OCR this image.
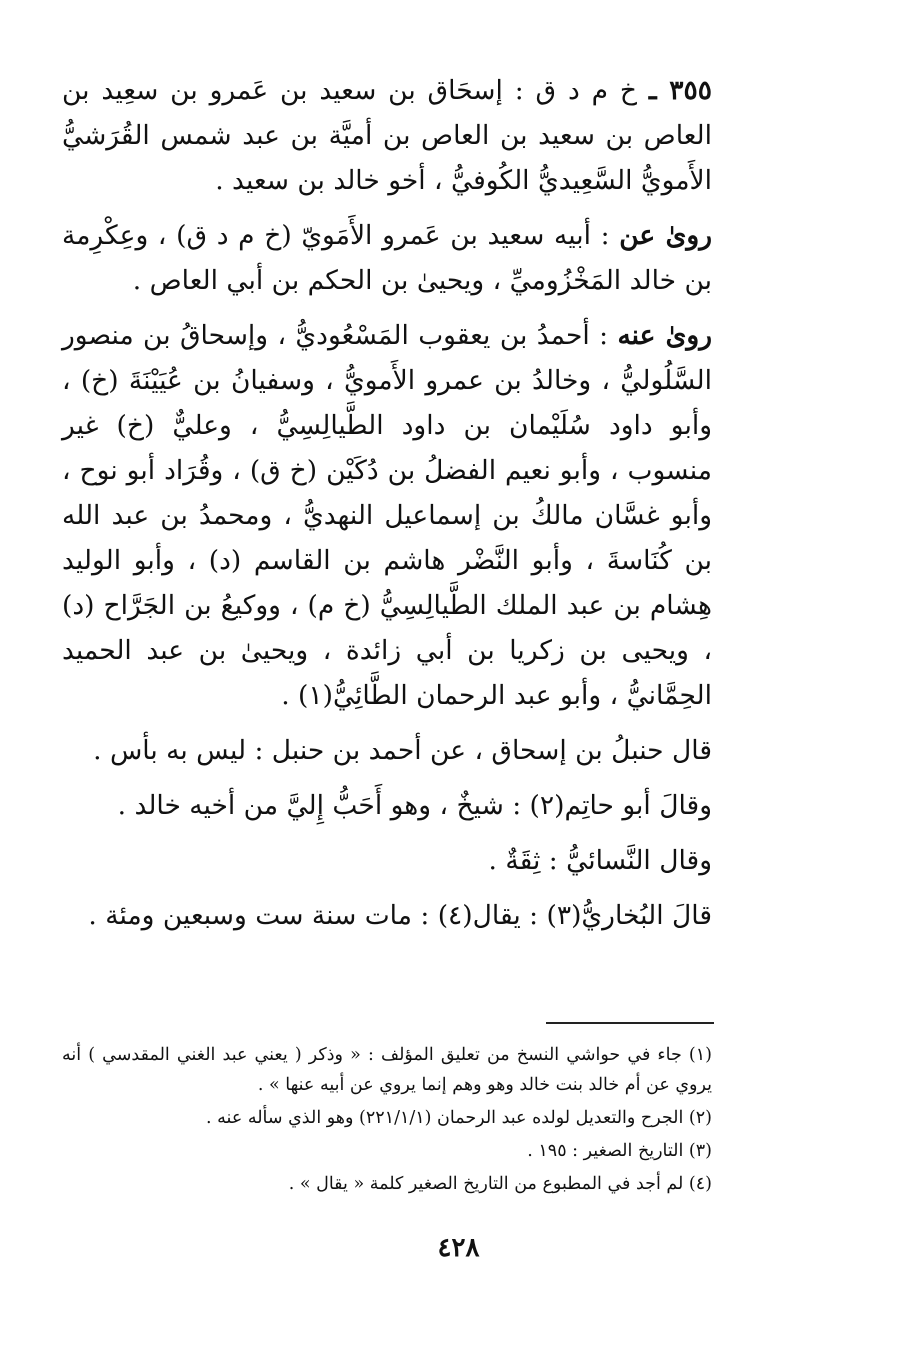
٣٥٥ ـ خ م د ق : إسحَاق بن سعيد بن عَمرو بن سعِيد بن العاص بن سعيد بن العاص بن أميَّة بن عبد شمس القُرَشيُّ الأَمويُّ السَّعِيديُّ الكُوفيُّ ، أخو خالد بن سعيد .

روىٰ عن : أبيه سعيد بن عَمرو الأَمَويّ (خ م د ق) ، وعِكْرِمة بن خالد المَخْزُوميِّ ، ويحيىٰ بن الحكم بن أبي العاص .

روىٰ عنه : أحمدُ بن يعقوب المَسْعُوديُّ ، وإسحاقُ بن منصور السَّلُوليُّ ، وخالدُ بن عمرو الأَمويُّ ، وسفيانُ بن عُيَيْنَةَ (خ) ، وأبو داود سُلَيْمان بن داود الطَّيالِسِيُّ ، وعليٌّ (خ) غير منسوب ، وأبو نعيم الفضلُ بن دُكَيْن (خ ق) ، وقُرَاد أبو نوح ، وأبو غسَّان مالكُ بن إسماعيل النهديُّ ، ومحمدُ بن عبد الله بن كُنَاسةَ ، وأبو النَّضْر هاشم بن القاسم (د) ، وأبو الوليد هِشام بن عبد الملك الطَّيالِسِيُّ (خ م) ، ووكيعُ بن الجَرَّاح (د) ، ويحيى بن زكريا بن أبي زائدة ، ويحيىٰ بن عبد الحميد الحِمَّانيُّ ، وأبو عبد الرحمان الطَّائِيُّ(١) .

قال حنبلُ بن إسحاق ، عن أحمد بن حنبل : ليس به بأس .

وقالَ أبو حاتِم(٢) : شيخٌ ، وهو أَحَبُّ إِليَّ من أخيه خالد .

وقال النَّسائيُّ : ثِقَةٌ .

قالَ البُخاريُّ(٣) : يقال(٤) : مات سنة ست وسبعين ومئة .

(١) جاء في حواشي النسخ من تعليق المؤلف : « وذكر ( يعني عبد الغني المقدسي ) أنه يروي عن أم خالد بنت خالد وهو وهم إنما يروي عن أبيه عنها » .

(٢) الجرح والتعديل لولده عبد الرحمان (٢٢١/١/١) وهو الذي سأله عنه .

(٣) التاريخ الصغير : ١٩٥ .

(٤) لم أجد في المطبوع من التاريخ الصغير كلمة « يقال » .

٤٢٨
